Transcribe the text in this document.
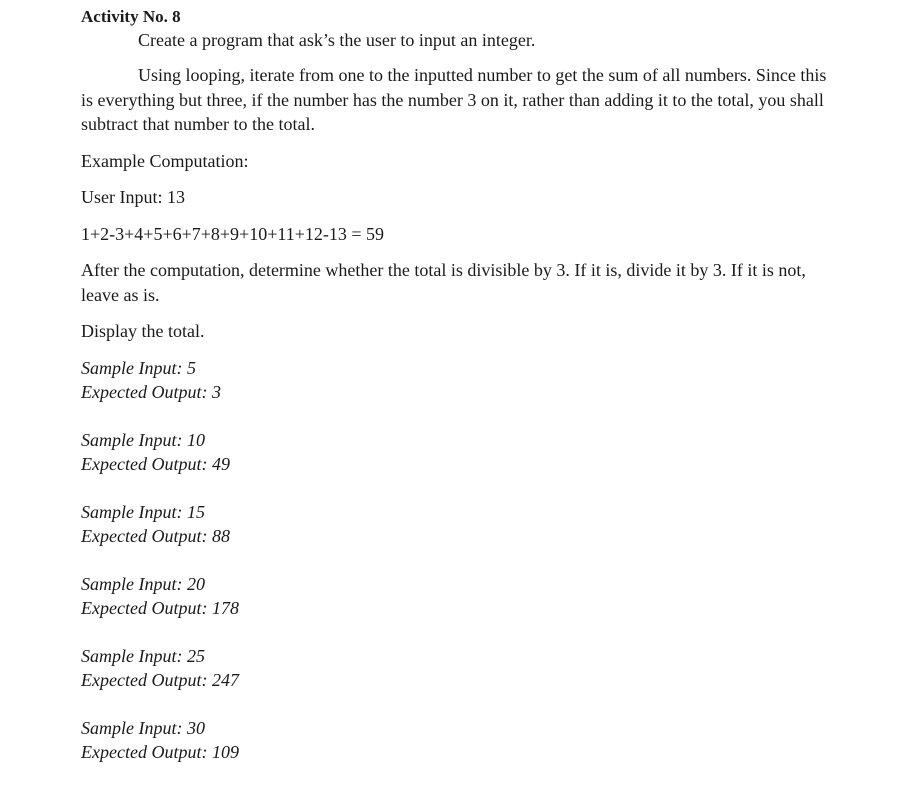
Activity No. 8

Create a program that ask’s the user to input an integer.

Using looping, iterate from one to the inputted number to get the sum of all numbers. Since this is everything but three, if the number has the number 3 on it, rather than adding it to the total, you shall subtract that number to the total.

Example Computation:

User Input: 13

1+2-3+4+5+6+7+8+9+10+11+12-13 = 59

After the computation, determine whether the total is divisible by 3. If it is, divide it by 3. If it is not, leave as is.

Display the total.

Sample Input: 5
Expected Output: 3
Sample Input: 10
Expected Output: 49
Sample Input: 15
Expected Output: 88
Sample Input: 20
Expected Output: 178
Sample Input: 25
Expected Output: 247
Sample Input: 30
Expected Output: 109
